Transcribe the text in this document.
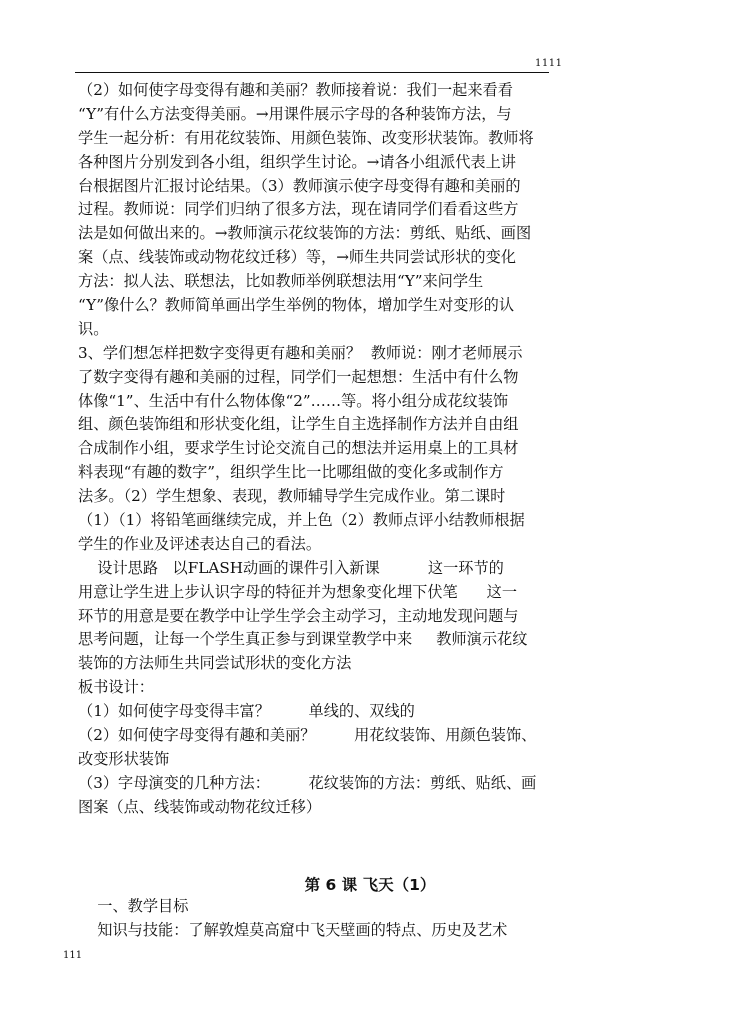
1111
（2）如何使字母变得有趣和美丽？教师接着说：我们一起来看看
“Y”有什么方法变得美丽。→用课件展示字母的各种装饰方法，与
学生一起分析：有用花纹装饰、用颜色装饰、改变形状装饰。教师将
各种图片分别发到各小组，组织学生讨论。→请各小组派代表上讲
台根据图片汇报讨论结果。（3）教师演示使字母变得有趣和美丽的
过程。教师说：同学们归纳了很多方法，现在请同学们看看这些方
法是如何做出来的。→教师演示花纹装饰的方法：剪纸、贴纸、画图
案（点、线装饰或动物花纹迁移）等，→师生共同尝试形状的变化
方法：拟人法、联想法，比如教师举例联想法用“Y”来问学生
“Y”像什么？教师简单画出学生举例的物体，增加学生对变形的认
识。
3、学们想怎样把数字变得更有趣和美丽？  教师说：刚才老师展示
了数字变得有趣和美丽的过程，同学们一起想想：生活中有什么物
体像“1”、生活中有什么物体像“2”……等。将小组分成花纹装饰
组、颜色装饰组和形状变化组，让学生自主选择制作方法并自由组
合成制作小组，要求学生讨论交流自己的想法并运用桌上的工具材
料表现“有趣的数字”，组织学生比一比哪组做的变化多或制作方
法多。（2）学生想象、表现，教师辅导学生完成作业。第二课时
（1）（1）将铅笔画继续完成，并上色（2）教师点评小结教师根据
学生的作业及评述表达自己的看法。
设计思路   以FLASH动画的课件引入新课          这一环节的
用意让学生进上步认识字母的特征并为想象变化埋下伏笔      这一
环节的用意是要在教学中让学生学会主动学习，主动地发现问题与
思考问题，让每一个学生真正参与到课堂教学中来     教师演示花纹
装饰的方法师生共同尝试形状的变化方法
板书设计：
（1）如何使字母变得丰富？        单线的、双线的
（2）如何使字母变得有趣和美丽？        用花纹装饰、用颜色装饰、
改变形状装饰
（3）字母演变的几种方法：        花纹装饰的方法：剪纸、贴纸、画
图案（点、线装饰或动物花纹迁移）
第 6 课 飞天（1）
一、教学目标
知识与技能：了解敦煌莫高窟中飞天壁画的特点、历史及艺术
111
